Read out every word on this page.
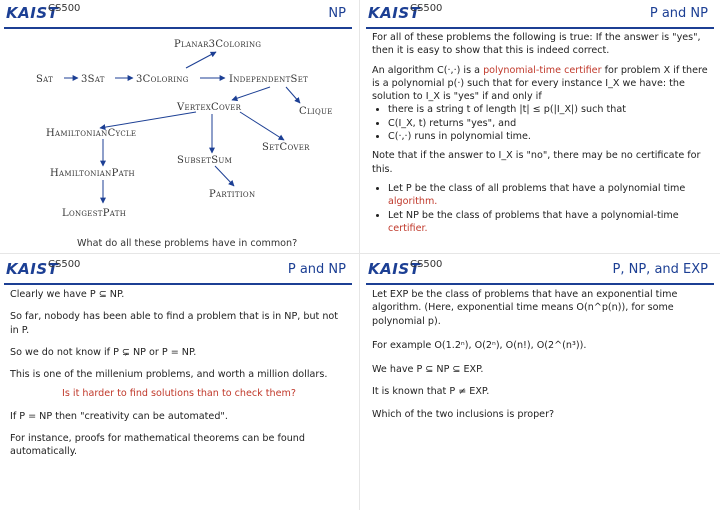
KAIST
CS500	NP
Planar3Coloring
Sat	3Sat	3Coloring	IndependentSet
VertexCover	Clique
HamiltonianCycle
SetCover
SubsetSum
HamiltonianPath
Partition
LongestPath
What do all these problems have in common?
KAIST
CS500	P and NP

For all of these problems the following is true: If the answer is "yes", then it is easy to show that this is indeed correct.

An algorithm C(·,·) is a polynomial-time certifier for problem X if there is a polynomial p(·) such that for every instance I_X we have: the solution to I_X is "yes" if and only if

• there is a string t of length |t| ≤ p(|I_X|) such that
• C(I_X, t) returns "yes", and
• C(·,·) runs in polynomial time.

Note that if the answer to I_X is "no", there may be no certificate for this.

• Let P be the class of all problems that have a polynomial time algorithm.
• Let NP be the class of problems that have a polynomial-time certifier.
KAIST
CS500	P and NP

Clearly we have P ⊆ NP.

So far, nobody has been able to find a problem that is in NP, but not in P.

So we do not know if P ⊊ NP or P = NP.

This is one of the millenium problems, and worth a million dollars.

Is it harder to find solutions than to check them?

If P = NP then "creativity can be automated".

For instance, proofs for mathematical theorems can be found automatically.

KAIST
CS500	P, NP, and EXP

Let EXP be the class of problems that have an exponential time algorithm. (Here, exponential time means O(n^p(n)), for some polynomial p).

For example O(1.2ⁿ), O(2ⁿ), O(n!), O(2^(n³)).

We have P ⊆ NP ⊆ EXP.

It is known that P ≠ EXP.

Which of the two inclusions is proper?
